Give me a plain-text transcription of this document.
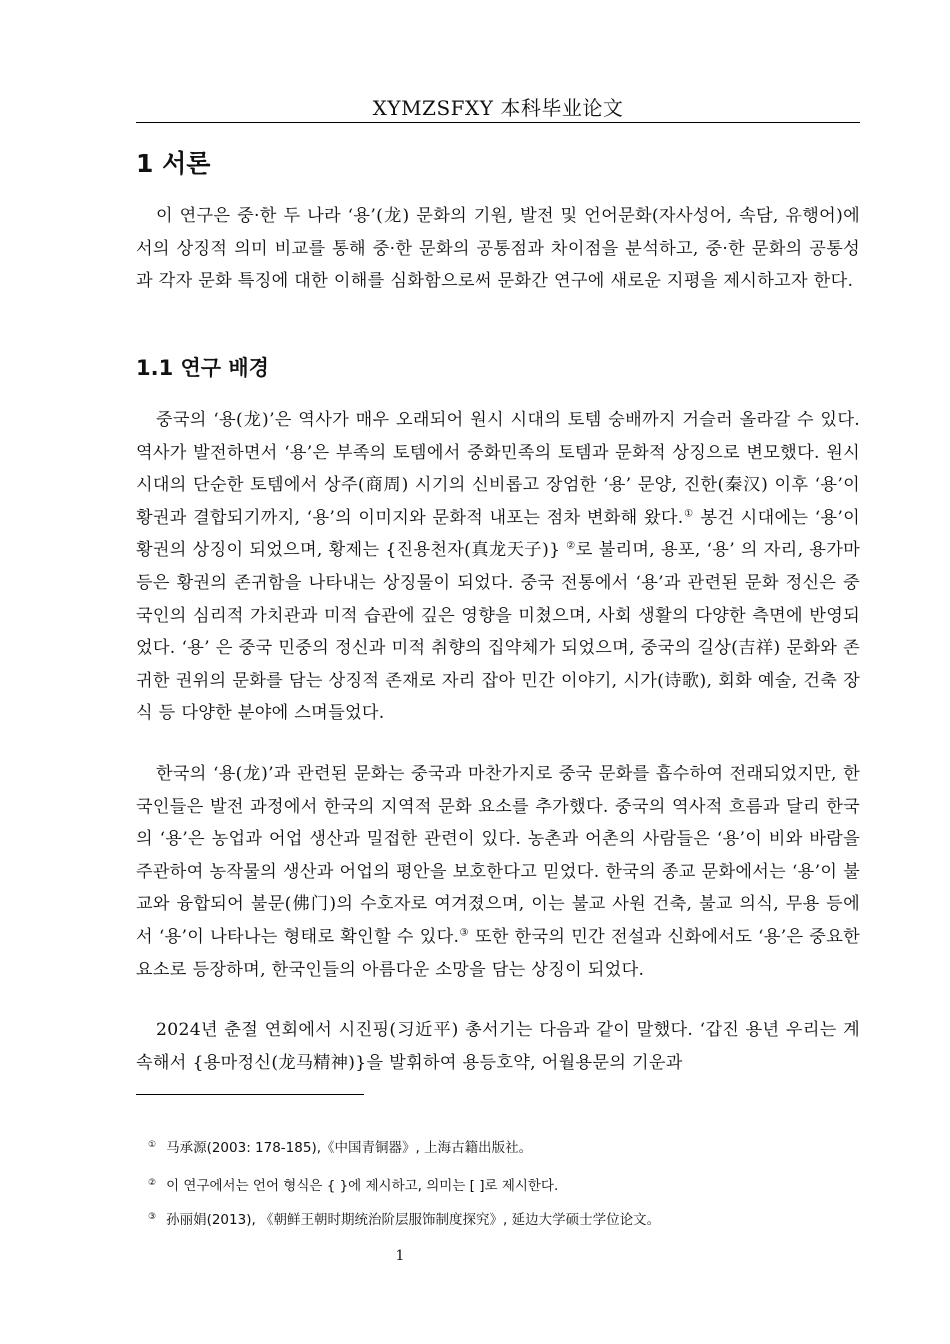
XYMZSFXY 本科毕业论文
1 서론

이 연구은 중·한 두 나라 ‘용’(龙) 문화의 기원, 발전 및 언어문화(자사성어, 속담, 유행어)에서의 상징적 의미 비교를 통해 중·한 문화의 공통점과 차이점을 분석하고, 중·한 문화의 공통성과 각자 문화 특징에 대한 이해를 심화함으로써 문화간 연구에 새로운 지평을 제시하고자 한다.

1.1 연구 배경

중국의 ‘용(龙)’은 역사가 매우 오래되어 원시 시대의 토템 숭배까지 거슬러 올라갈 수 있다. 역사가 발전하면서 ‘용’은 부족의 토템에서 중화민족의 토템과 문화적 상징으로 변모했다. 원시 시대의 단순한 토템에서 상주(商周) 시기의 신비롭고 장엄한 ‘용’ 문양, 진한(秦汉) 이후 ‘용’이 황권과 결합되기까지, ‘용’의 이미지와 문화적 내포는 점차 변화해 왔다.① 봉건 시대에는 ‘용’이 황권의 상징이 되었으며, 황제는 {진용천자(真龙天子)} ②로 불리며, 용포, ‘용’ 의 자리, 용가마 등은 황권의 존귀함을 나타내는 상징물이 되었다. 중국 전통에서 ‘용’과 관련된 문화 정신은 중국인의 심리적 가치관과 미적 습관에 깊은 영향을 미쳤으며, 사회 생활의 다양한 측면에 반영되었다. ‘용’ 은 중국 민중의 정신과 미적 취향의 집약체가 되었으며, 중국의 길상(吉祥) 문화와 존귀한 권위의 문화를 담는 상징적 존재로 자리 잡아 민간 이야기, 시가(诗歌), 회화 예술, 건축 장식 등 다양한 분야에 스며들었다.

한국의 ‘용(龙)’과 관련된 문화는 중국과 마찬가지로 중국 문화를 흡수하여 전래되었지만, 한국인들은 발전 과정에서 한국의 지역적 문화 요소를 추가했다. 중국의 역사적 흐름과 달리 한국의 ‘용’은 농업과 어업 생산과 밀접한 관련이 있다. 농촌과 어촌의 사람들은 ‘용’이 비와 바람을 주관하여 농작물의 생산과 어업의 평안을 보호한다고 믿었다. 한국의 종교 문화에서는 ‘용’이 불교와 융합되어 불문(佛门)의 수호자로 여겨졌으며, 이는 불교 사원 건축, 불교 의식, 무용 등에서 ‘용’이 나타나는 형태로 확인할 수 있다.③ 또한 한국의 민간 전설과 신화에서도 ‘용’은 중요한 요소로 등장하며, 한국인들의 아름다운 소망을 담는 상징이 되었다.

2024년 춘절 연회에서 시진핑(习近平) 총서기는 다음과 같이 말했다. ‘갑진 용년 우리는 계속해서 {용마정신(龙马精神)}을 발휘하여 용등호약, 어월용문의 기운과

① 马承源(2003: 178-185),《中国青铜器》, 上海古籍出版社。
② 이 연구에서는 언어 형식은 { }에 제시하고, 의미는 [ ]로 제시한다.
③ 孙丽娟(2013), 《朝鲜王朝时期统治阶层服饰制度探究》, 延边大学硕士学位论文。
1
